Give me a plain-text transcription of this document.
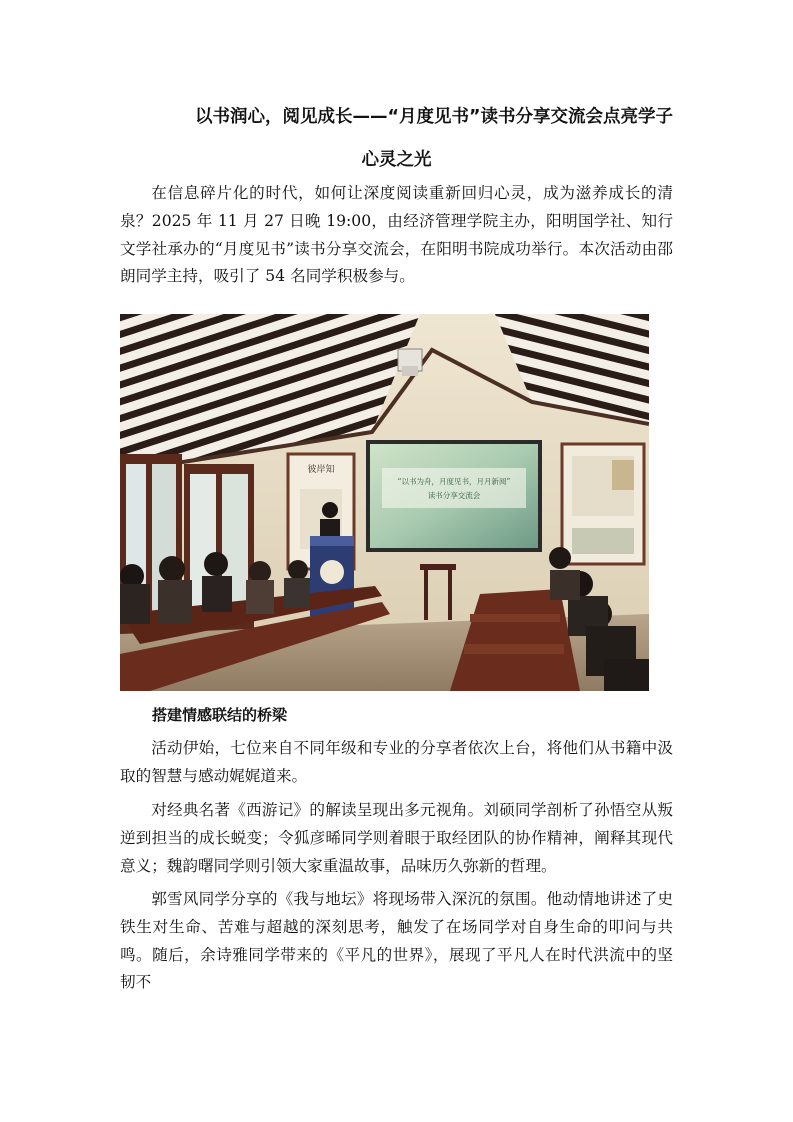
以书润心，阅见成长——“月度见书”读书分享交流会点亮学子
心灵之光

在信息碎片化的时代，如何让深度阅读重新回归心灵，成为滋养成长的清泉？2025 年 11 月 27 日晚 19:00，由经济管理学院主办，阳明国学社、知行文学社承办的“月度见书”读书分享交流会，在阳明书院成功举行。本次活动由邵朗同学主持，吸引了 54 名同学积极参与。

彼岸知
“以书为舟，月度见书，月月新阅”
读书分享交流会
搭建情感联结的桥梁

活动伊始，七位来自不同年级和专业的分享者依次上台，将他们从书籍中汲取的智慧与感动娓娓道来。

对经典名著《西游记》的解读呈现出多元视角。刘硕同学剖析了孙悟空从叛逆到担当的成长蜕变；令狐彦晞同学则着眼于取经团队的协作精神，阐释其现代意义；魏韵曙同学则引领大家重温故事，品味历久弥新的哲理。

郭雪风同学分享的《我与地坛》将现场带入深沉的氛围。他动情地讲述了史铁生对生命、苦难与超越的深刻思考，触发了在场同学对自身生命的叩问与共鸣。随后，余诗雅同学带来的《平凡的世界》，展现了平凡人在时代洪流中的坚韧不
